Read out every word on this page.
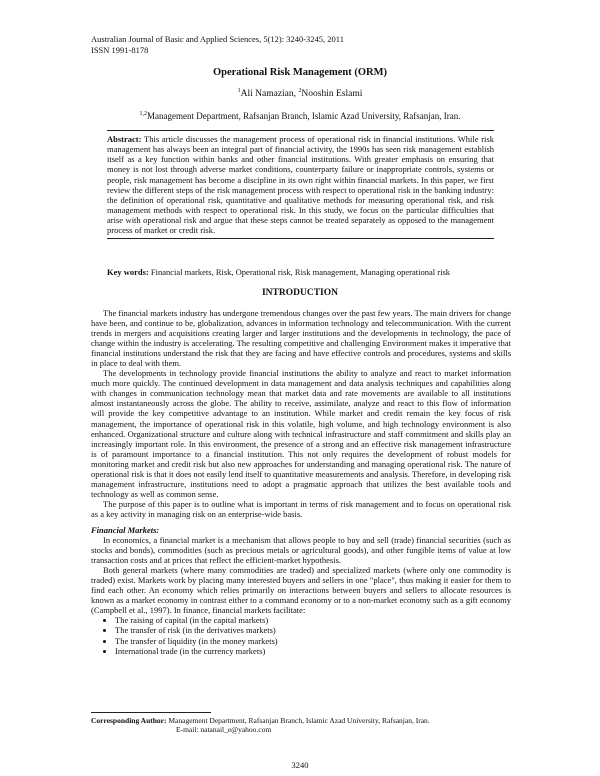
Australian Journal of Basic and Applied Sciences, 5(12): 3240-3245, 2011
ISSN 1991-8178
Operational Risk Management (ORM)
$^1$Ali Namazian, $^2$Nooshin Eslami
$^{1,2}$Management Department, Rafsanjan Branch, Islamic Azad University, Rafsanjan, Iran.
Abstract: This article discusses the management process of operational risk in financial institutions. While risk management has always been an integral part of financial activity, the 1990s has seen risk management establish itself as a key function within banks and other financial institutions. With greater emphasis on ensuring that money is not lost through adverse market conditions, counterparty failure or inappropriate controls, systems or people, risk management has become a discipline in its own right within financial markets. In this paper, we first review the different steps of the risk management process with respect to operational risk in the banking industry: the definition of operational risk, quantitative and qualitative methods for measuring operational risk, and risk management methods with respect to operational risk. In this study, we focus on the particular difficulties that arise with operational risk and argue that these steps cannot be treated separately as opposed to the management process of market or credit risk.
Key words: Financial markets, Risk, Operational risk, Risk management, Managing operational risk
INTRODUCTION

The financial markets industry has undergone tremendous changes over the past few years. The main drivers for change have been, and continue to be, globalization, advances in information technology and telecommunication. With the current trends in mergers and acquisitions creating larger and larger institutions and the developments in technology, the pace of change within the industry is accelerating. The resulting competitive and challenging Environment makes it imperative that financial institutions understand the risk that they are facing and have effective controls and procedures, systems and skills in place to deal with them.

The developments in technology provide financial institutions the ability to analyze and react to market information much more quickly. The continued development in data management and data analysis techniques and capabilities along with changes in communication technology mean that market data and rate movements are available to all institutions almost instantaneously across the globe. The ability to receive, assimilate, analyze and react to this flow of information will provide the key competitive advantage to an institution. While market and credit remain the key focus of risk management, the importance of operational risk in this volatile, high volume, and high technology environment is also enhanced. Organizational structure and culture along with technical infrastructure and staff commitment and skills play an increasingly important role. In this environment, the presence of a strong and an effective risk management infrastructure is of paramount importance to a financial institution. This not only requires the development of robust models for monitoring market and credit risk but also new approaches for understanding and managing operational risk. The nature of operational risk is that it does not easily lend itself to quantitative measurements and analysis. Therefore, in developing risk management infrastructure, institutions need to adopt a pragmatic approach that utilizes the best available tools and technology as well as common sense.

The purpose of this paper is to outline what is important in terms of risk management and to focus on operational risk as a key activity in managing risk on an enterprise-wide basis.

Financial Markets:

In economics, a financial market is a mechanism that allows people to buy and sell (trade) financial securities (such as stocks and bonds), commodities (such as precious metals or agricultural goods), and other fungible items of value at low transaction costs and at prices that reflect the efficient-market hypothesis.

Both general markets (where many commodities are traded) and specialized markets (where only one commodity is traded) exist. Markets work by placing many interested buyers and sellers in one "place", thus making it easier for them to find each other. An economy which relies primarily on interactions between buyers and sellers to allocate resources is known as a market economy in contrast either to a command economy or to a non-market economy such as a gift economy (Campbell et al., 1997). In finance, financial markets facilitate:

• The raising of capital (in the capital markets)
• The transfer of risk (in the derivatives markets)
• The transfer of liquidity (in the money markets)
• International trade (in the currency markets)
Corresponding Author: Management Department, Rafsanjan Branch, Islamic Azad University, Rafsanjan, Iran.
E-mail: natanail_e@yahoo.com
3240
